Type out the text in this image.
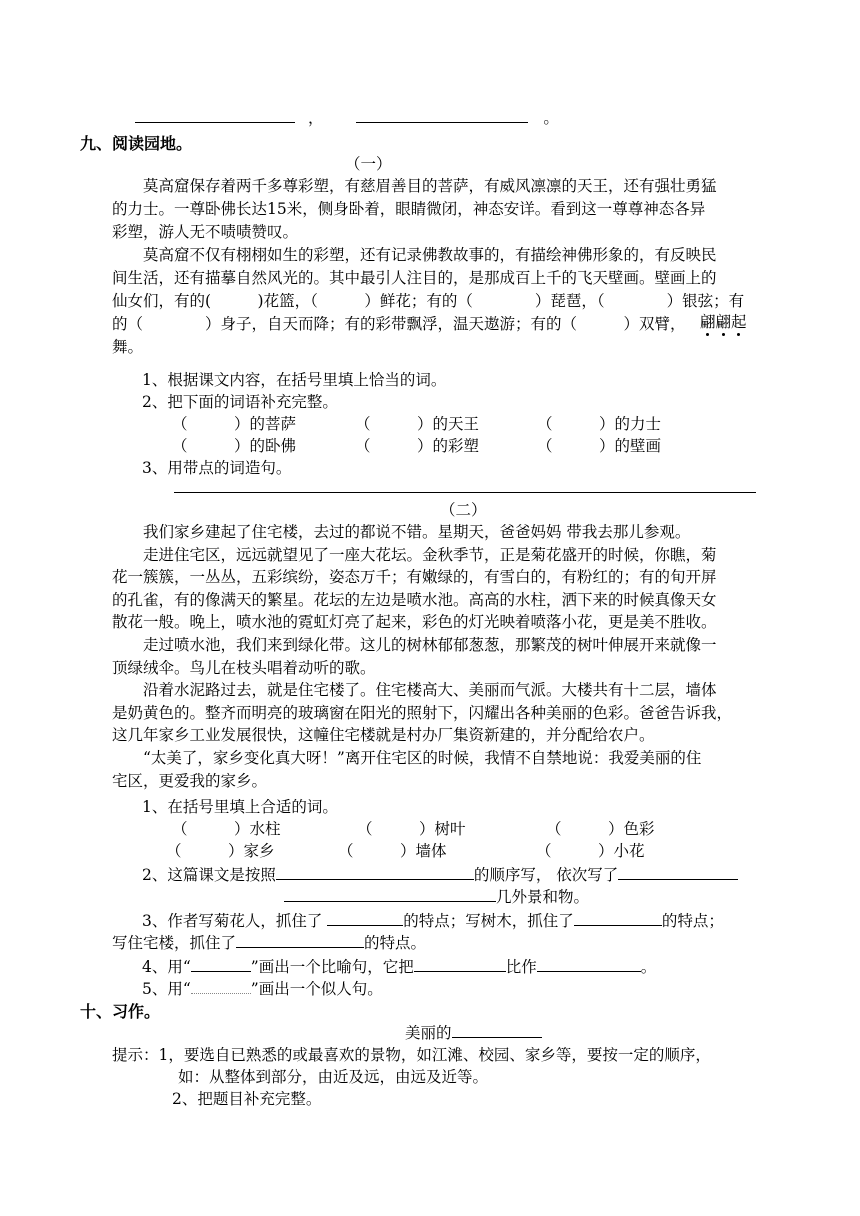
，	。
九、阅读园地。
（一）
　　莫高窟保存着两千多尊彩塑，有慈眉善目的菩萨，有威风凛凛的天王，还有强壮勇猛
的力士。一尊卧佛长达15米，侧身卧着，眼睛微闭，神态安详。看到这一尊尊神态各异
彩塑，游人无不啧啧赞叹。
　　莫高窟不仅有栩栩如生的彩塑，还有记录佛教故事的，有描绘神佛形象的，有反映民
间生活，还有描摹自然风光的。其中最引人注目的，是那成百上千的飞天壁画。壁画上的
仙女们，有的(　　　)花篮，（　　　）鲜花；有的（　　　　）琵琶，（　　　　）银弦；有
的（　　　　）身子，自天而降；有的彩带飘浮，温天遨游；有的（　　　）双臂，
舞。
翩翩起
1、根据课文内容，在括号里填上恰当的词。
2、把下面的词语补充完整。
（　　　）的菩萨	（　　　）的天王	（　　　）的力士
（　　　）的卧佛	（　　　）的彩塑	（　　　）的壁画
3、用带点的词造句。
（二）
　　我们家乡建起了住宅楼，去过的都说不错。星期天，爸爸妈妈 带我去那儿参观。
　　走进住宅区，远远就望见了一座大花坛。金秋季节，正是菊花盛开的时候，你瞧，菊
花一簇簇，一丛丛，五彩缤纷，姿态万千；有嫩绿的，有雪白的，有粉红的；有的旬开屏
的孔雀，有的像满天的繁星。花坛的左边是喷水池。高高的水柱，洒下来的时候真像天女
散花一般。晚上，喷水池的霓虹灯亮了起来，彩色的灯光映着喷落小花，更是美不胜收。
　　走过喷水池，我们来到绿化带。这儿的树林郁郁葱葱，那繁茂的树叶伸展开来就像一
顶绿绒伞。鸟儿在枝头唱着动听的歌。
　　沿着水泥路过去，就是住宅楼了。住宅楼高大、美丽而气派。大楼共有十二层，墙体
是奶黄色的。整齐而明亮的玻璃窗在阳光的照射下，闪耀出各种美丽的色彩。爸爸告诉我，
这几年家乡工业发展很快，这幢住宅楼就是村办厂集资新建的，并分配给农户。
　　“太美了，家乡变化真大呀！”离开住宅区的时候，我情不自禁地说：我爱美丽的住
宅区，更爱我的家乡。
1、在括号里填上合适的词。
（　　　）水柱	（　　　）树叶	（　　　）色彩
（　　　）家乡	（　　　）墙体	（　　　）小花
2、这篇课文是按照	的顺序写， 依次写了
几外景和物。
3、作者写菊花人，抓住了	的特点；写树木，抓住了	的特点；
写住宅楼，抓住了	的特点。
4、用“	”画出一个比喻句，它把	比作	。
5、用“	”画出一个似人句。
十、习作。
美丽的
提示：1，要选自已熟悉的或最喜欢的景物，如江滩、校园、家乡等，要按一定的顺序，
如：从整体到部分，由近及远，由远及近等。
2、把题目补充完整。
